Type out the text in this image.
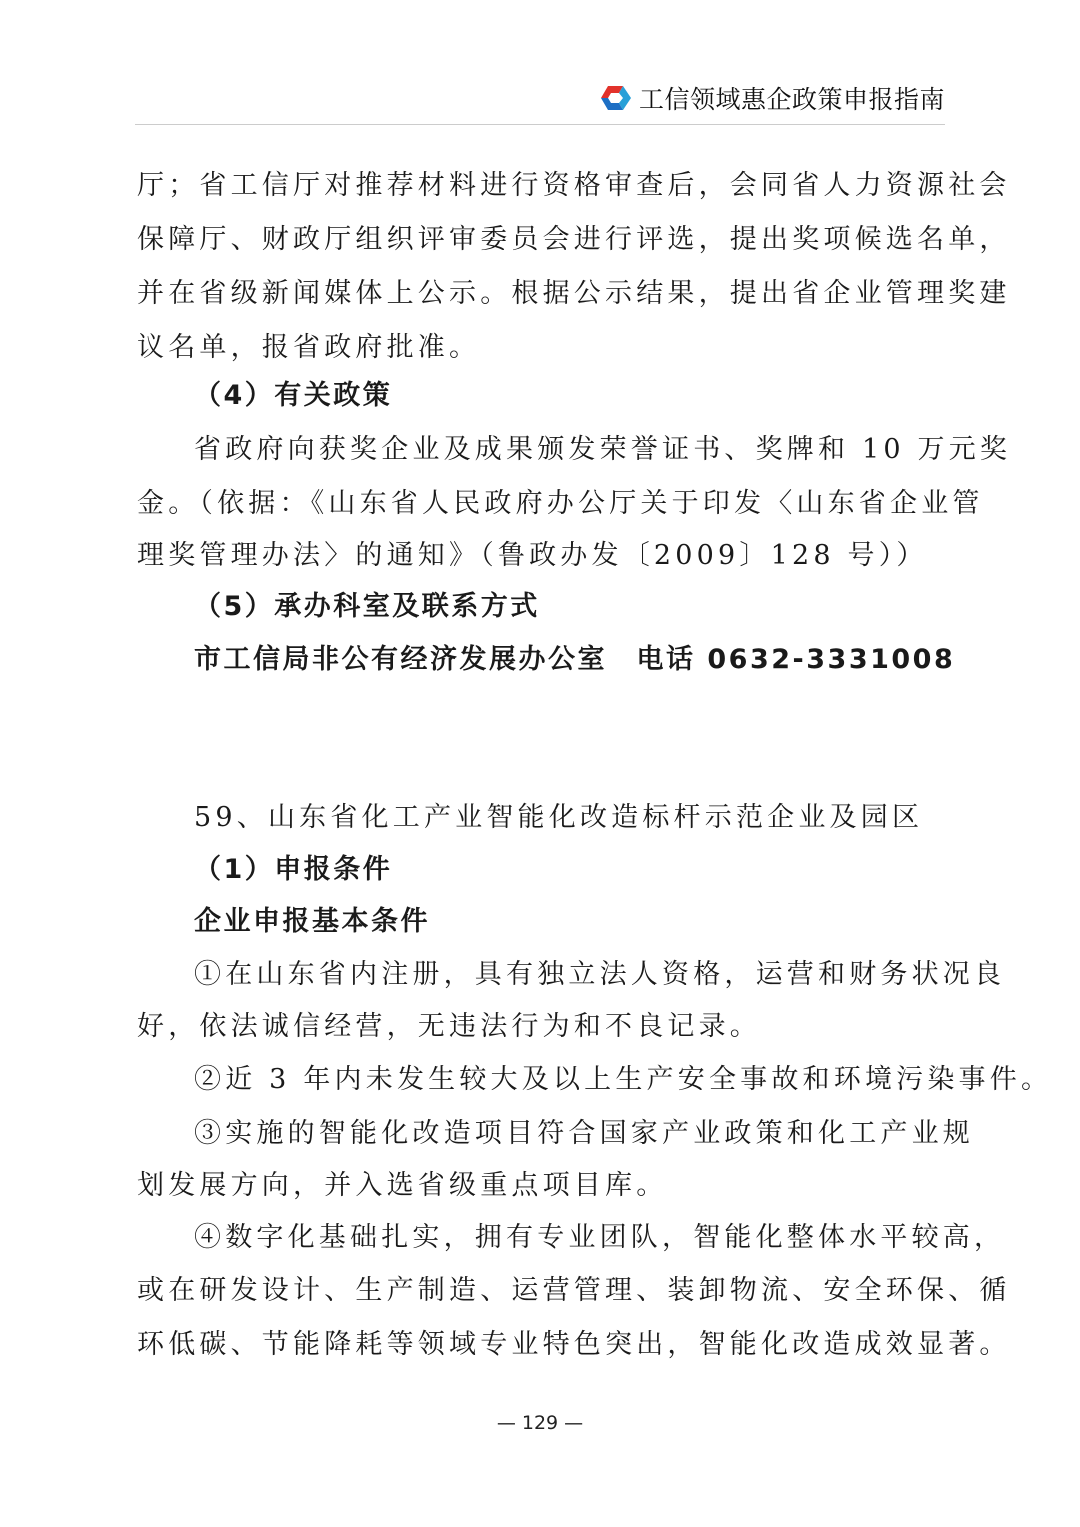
工信领域惠企政策申报指南
厅；省工信厅对推荐材料进行资格审查后，会同省人力资源社会
保障厅、财政厅组织评审委员会进行评选，提出奖项候选名单，
并在省级新闻媒体上公示。根据公示结果，提出省企业管理奖建
议名单，报省政府批准。
（4）有关政策
省政府向获奖企业及成果颁发荣誉证书、奖牌和 10 万元奖
金。（依据：《山东省人民政府办公厅关于印发〈山东省企业管
理奖管理办法〉的通知》（鲁政办发〔2009〕128 号））
（5）承办科室及联系方式
市工信局非公有经济发展办公室　电话 0632-3331008
59、山东省化工产业智能化改造标杆示范企业及园区
（1）申报条件
企业申报基本条件
①在山东省内注册，具有独立法人资格，运营和财务状况良
好，依法诚信经营，无违法行为和不良记录。
②近 3 年内未发生较大及以上生产安全事故和环境污染事件。
③实施的智能化改造项目符合国家产业政策和化工产业规
划发展方向，并入选省级重点项目库。
④数字化基础扎实，拥有专业团队，智能化整体水平较高，
或在研发设计、生产制造、运营管理、装卸物流、安全环保、循
环低碳、节能降耗等领域专业特色突出，智能化改造成效显著。
— 129 —
